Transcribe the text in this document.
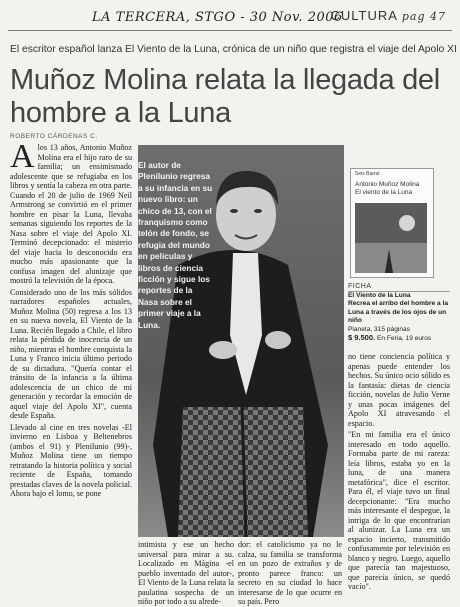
LA TERCERA, STGO - 30 Nov. 2006
CULTURA pag 47
El escritor español lanza El Viento de la Luna, crónica de un niño que registra el viaje del Apolo XI
Muñoz Molina relata la llegada del hombre a la Luna
ROBERTO CÁRDENAS C.

A los 13 años, Antonio Muñoz Molina era el hijo raro de su familia; un ensimismado adolescente que se refugiaba en los libros y sentía la cabeza en otra parte. Cuando el 20 de julio de 1969 Neil Armstrong se convirtió en el primer hombre en pisar la Luna, llevaba semanas siguiendo los reportes de la Nasa sobre el viaje del Apolo XI. Terminó decepcionado: el misterio del viaje hacia lo desconocido era mucho más apasionante que la confusa imagen del alunizaje que mostró la televisión de la época.

Considerado uno de los más sólidos narradores españoles actuales, Muñoz Molina (50) regresa a los 13 en su nueva novela, El Viento de la Luna. Recién llegado a Chile, el libro relata la pérdida de inocencia de un niño, mientras el hombre conquista la Luna y Franco inicia último periodo de su dictadura. "Quería contar el tránsito de la infancia a la última adolescencia de un chico de mi generación y recordar la emoción de aquel viaje del Apolo XI", cuenta desde España.

Llevado al cine en tres novelas -El invierno en Lisboa y Beltenebros (ambos el 91) y Plenilunio (99)-, Muñoz Molina tiene un tiempo retratando la historia política y social reciente de España, tomando prestadas claves de la novela policial. Ahora bajo el lomo, se pone

El autor de Plenilunio regresa a su infancia en su nuevo libro: un chico de 13, con el franquismo como telón de fondo, se refugia del mundo en películas y libros de ciencia ficción y sigue los reportes de la Nasa sobre el primer viaje a la Luna.
intimista y ese un hecho universal para mirar a su. Localizado en Mágina -el pueblo inventado del autor-, El Viento de la Luna relata la paulatina sospecha de un niño por todo a su alrede-
dor: el catolicismo ya no le calza, su familia se transforma en un pozo de extraños y de pronto parece franco: un secreto en su ciudad lo hace interesarse de lo que ocurre en su país. Pero
Seix Barral
Antonio Muñoz Molina
El viento de la Luna
FICHA
El Viento de la Luna
Recrea el arribo del hombre a la Luna a través de los ojos de un niño
Planeta, 315 páginas
$ 9.500. En Feria, 19 euros

no tiene conciencia política y apenas puede entender los hechos. Su único ocio sólido es la fantasía: dietas de ciencia ficción, novelas de Julio Verne y unas pocas imágenes del Apolo XI atravesando el espacio.

"En mi familia era el único interesado en todo aquello. Formaba parte de mi rareza: leía libros, estaba yo en la luna, de una manera metafórica", dice el escritor. Para él, el viaje tuvo un final decepcionante: "Era mucho más interesante el despegue, la intriga de lo que encontrarían al alunizar. La Luna era un espacio incierto, transmitido confusamente por televisión en blanco y negro. Luego, aquello que parecía tan majestuoso, que parecía único, se quedó vacío".
